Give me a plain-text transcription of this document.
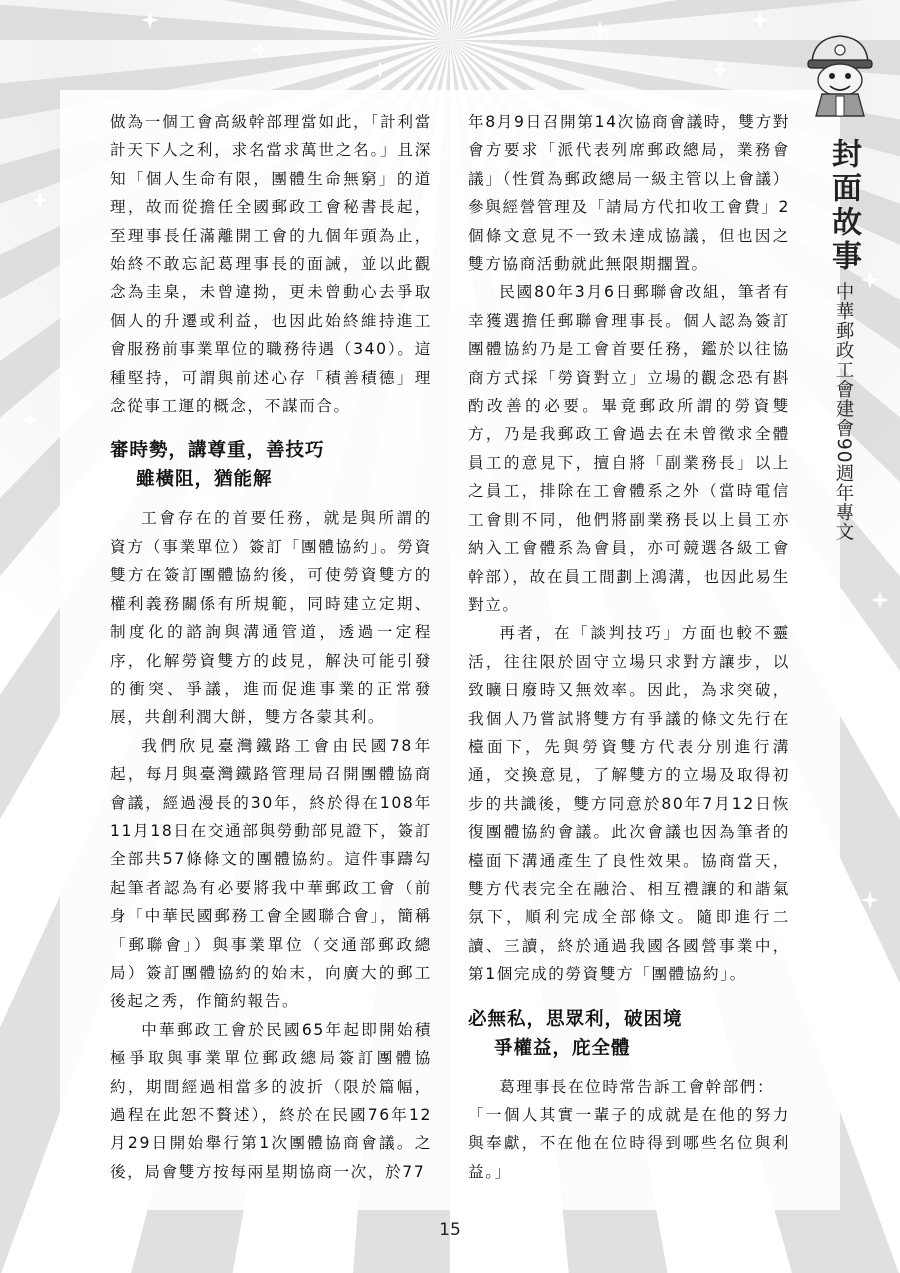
封面故事
中華郵政工會建會90週年專文

做為一個工會高級幹部理當如此，「計利當計天下人之利，求名當求萬世之名。」且深知「個人生命有限，團體生命無窮」的道理，故而從擔任全國郵政工會秘書長起，至理事長任滿離開工會的九個年頭為止，始終不敢忘記葛理事長的面誡，並以此觀念為圭臬，未曾違拗，更未曾動心去爭取個人的升遷或利益，也因此始終維持進工會服務前事業單位的職務待遇（340）。這種堅持，可謂與前述心存「積善積德」理念從事工運的概念，不謀而合。

審時勢，講尊重，善技巧
雖橫阻，猶能解

工會存在的首要任務，就是與所謂的資方（事業單位）簽訂「團體協約」。勞資雙方在簽訂團體協約後，可使勞資雙方的權利義務關係有所規範，同時建立定期、制度化的諮詢與溝通管道，透過一定程序，化解勞資雙方的歧見，解決可能引發的衝突、爭議，進而促進事業的正常發展，共創利潤大餅，雙方各蒙其利。

我們欣見臺灣鐵路工會由民國78年起，每月與臺灣鐵路管理局召開團體協商會議，經過漫長的30年，終於得在108年11月18日在交通部與勞動部見證下，簽訂全部共57條條文的團體協約。這件事躊勾起筆者認為有必要將我中華郵政工會（前身「中華民國郵務工會全國聯合會」，簡稱「郵聯會」）與事業單位（交通部郵政總局）簽訂團體協約的始末，向廣大的郵工後起之秀，作簡約報告。

中華郵政工會於民國65年起即開始積極爭取與事業單位郵政總局簽訂團體協約，期間經過相當多的波折（限於篇幅，過程在此恕不贅述），終於在民國76年12月29日開始舉行第1次團體協商會議。之後，局會雙方按每兩星期協商一次，於77

年8月9日召開第14次協商會議時，雙方對會方要求「派代表列席郵政總局，業務會議」（性質為郵政總局一級主管以上會議）參與經營管理及「請局方代扣收工會費」2個條文意見不一致未達成協議，但也因之雙方協商活動就此無限期擱置。

民國80年3月6日郵聯會改組，筆者有幸獲選擔任郵聯會理事長。個人認為簽訂團體協約乃是工會首要任務，鑑於以往協商方式採「勞資對立」立場的觀念恐有斟酌改善的必要。畢竟郵政所謂的勞資雙方，乃是我郵政工會過去在未曾徵求全體員工的意見下，擅自將「副業務長」以上之員工，排除在工會體系之外（當時電信工會則不同，他們將副業務長以上員工亦納入工會體系為會員，亦可競選各級工會幹部），故在員工間劃上鴻溝，也因此易生對立。

再者，在「談判技巧」方面也較不靈活，往往限於固守立場只求對方讓步，以致曠日廢時又無效率。因此，為求突破，我個人乃嘗試將雙方有爭議的條文先行在檯面下，先與勞資雙方代表分別進行溝通，交換意見，了解雙方的立場及取得初步的共識後，雙方同意於80年7月12日恢復團體協約會議。此次會議也因為筆者的檯面下溝通產生了良性效果。協商當天，雙方代表完全在融洽、相互禮讓的和諧氣氛下，順利完成全部條文。隨即進行二讀、三讀，終於通過我國各國營事業中，第1個完成的勞資雙方「團體協約」。

必無私，思眾利，破困境
爭權益，庇全體

葛理事長在位時常告訴工會幹部們：

「一個人其實一輩子的成就是在他的努力與奉獻，不在他在位時得到哪些名位與利益。」

15
